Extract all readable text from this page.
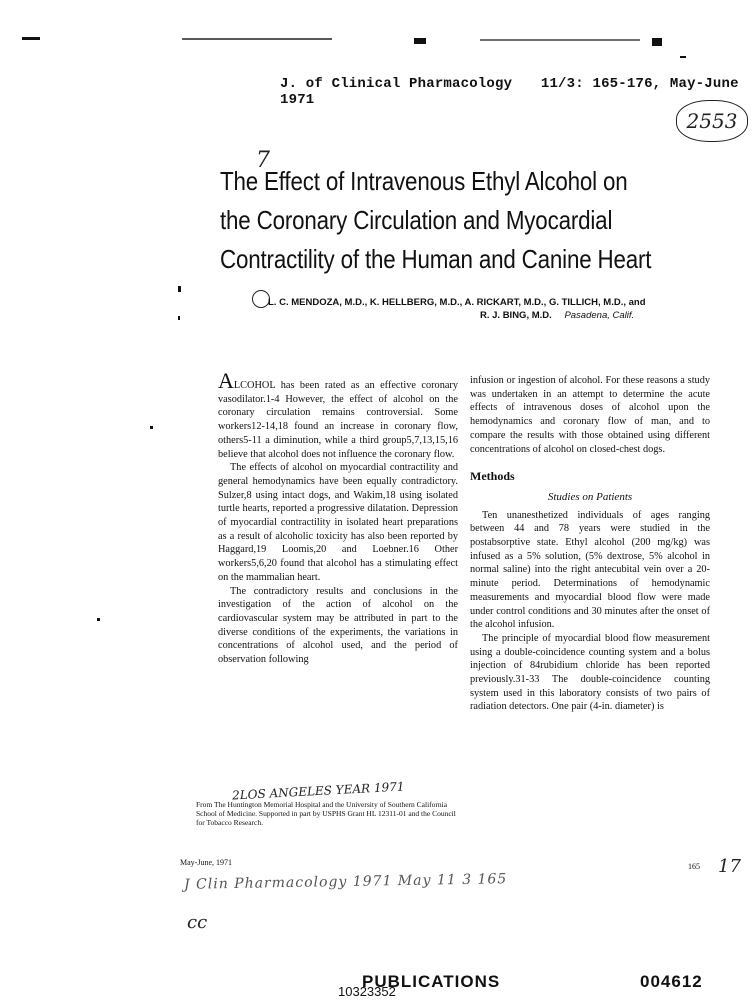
J. of Clinical Pharmacology 11/3: 165-176, May-June 1971
2553
The Effect of Intravenous Ethyl Alcohol on the Coronary Circulation and Myocardial Contractility of the Human and Canine Heart
7
L. C. MENDOZA, M.D., K. HELLBERG, M.D., A. RICKART, M.D., G. TILLICH, M.D., and
R. J. BING, M.D. Pasadena, Calif.

ALCOHOL has been rated as an effective coronary vasodilator.1-4 However, the effect of alcohol on the coronary circulation remains controversial. Some workers12-14,18 found an increase in coronary flow, others5-11 a diminution, while a third group5,7,13,15,16 believe that alcohol does not influence the coronary flow.

The effects of alcohol on myocardial contractility and general hemodynamics have been equally contradictory. Sulzer,8 using intact dogs, and Wakim,18 using isolated turtle hearts, reported a progressive dilatation. Depression of myocardial contractility in isolated heart preparations as a result of alcoholic toxicity has also been reported by Haggard,19 Loomis,20 and Loebner.16 Other workers5,6,20 found that alcohol has a stimulating effect on the mammalian heart.

The contradictory results and conclusions in the investigation of the action of alcohol on the cardiovascular system may be attributed in part to the diverse conditions of the experiments, the variations in concentrations of alcohol used, and the period of observation following

2LOS ANGELES YEAR 1971
From The Huntington Memorial Hospital and the University of Southern California School of Medicine. Supported in part by USPHS Grant HL 12311-01 and the Council for Tobacco Research.
May-June, 1971

infusion or ingestion of alcohol. For these reasons a study was undertaken in an attempt to determine the acute effects of intravenous doses of alcohol upon the hemodynamics and coronary flow of man, and to compare the results with those obtained using different concentrations of alcohol on closed-chest dogs.

Methods
Studies on Patients

Ten unanesthetized individuals of ages ranging between 44 and 78 years were studied in the postabsorptive state. Ethyl alcohol (200 mg/kg) was infused as a 5% solution, (5% dextrose, 5% alcohol in normal saline) into the right antecubital vein over a 20-minute period. Determinations of hemodynamic measurements and myocardial blood flow were made under control conditions and 30 minutes after the onset of the alcohol infusion.

The principle of myocardial blood flow measurement using a double-coincidence counting system and a bolus injection of 84rubidium chloride has been reported previously.31-33 The double-coincidence counting system used in this laboratory consists of two pairs of radiation detectors. One pair (4-in. diameter) is

165 17
J Clin Pharmacology 1971 May 11 3 165
cc
PUBLICATIONS	004612
10323352
